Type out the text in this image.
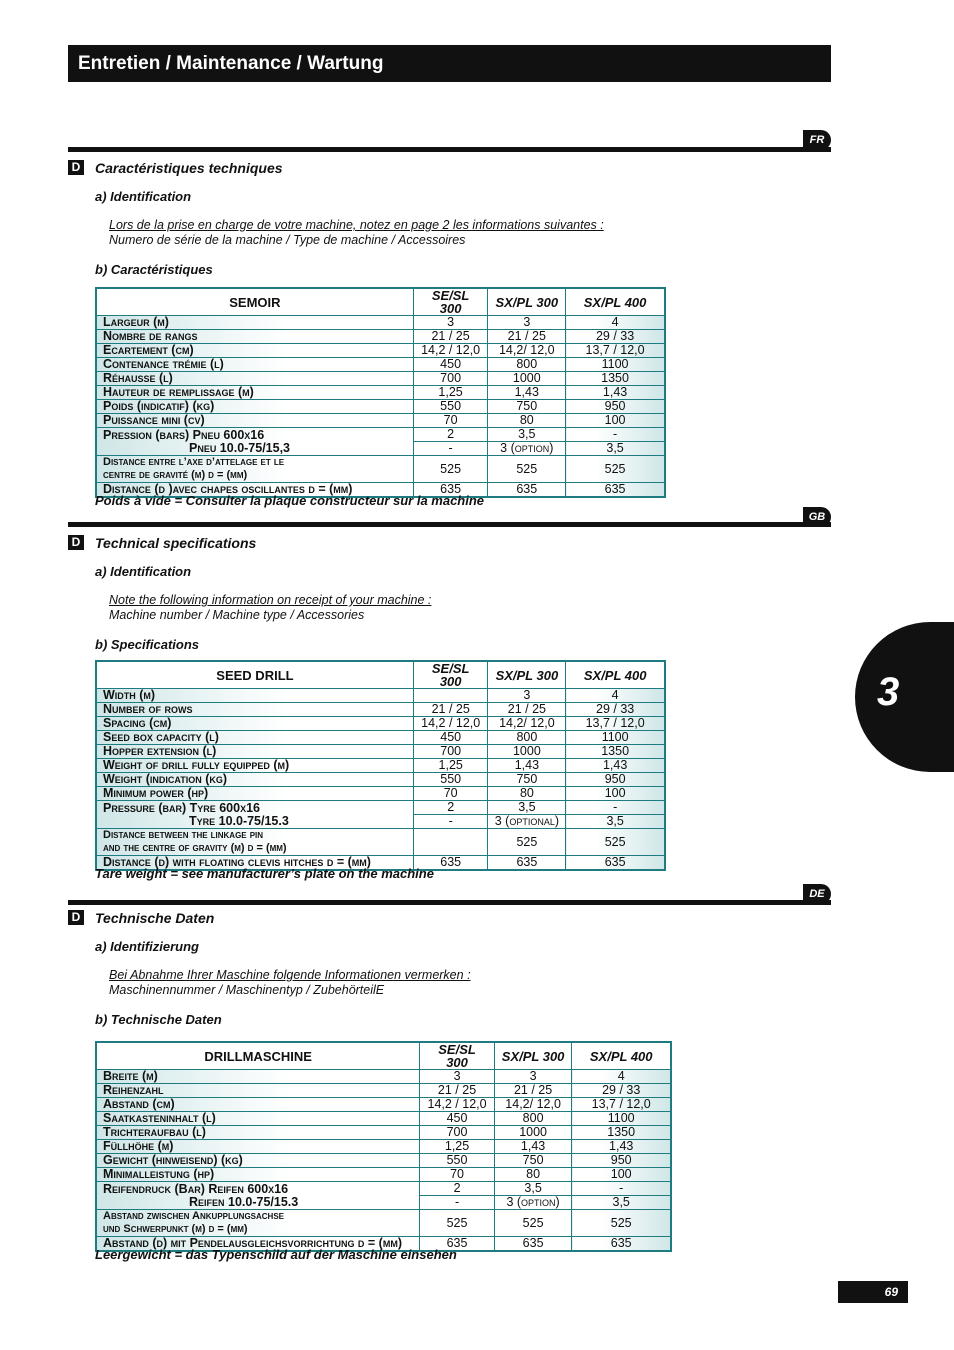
Entretien / Maintenance / Wartung
3
69
FR
D Caractéristiques techniques
a) Identification
Lors de la prise en charge de votre machine, notez en page 2 les informations suivantes :
Numero de série de la machine / Type de machine / Accessoires
b) Caractéristiques
SEMOIR	SE/SL 300	SX/PL 300	SX/PL 400
Largeur (m)	3	3	4
Nombre de rangs	21 / 25	21 / 25	29 / 33
Ecartement (cm)	14,2 / 12,0	14,2/ 12,0	13,7 / 12,0
Contenance trémie (l)	450	800	1100
Réhausse (l)	700	1000	1350
Hauteur de remplissage (m)	1,25	1,43	1,43
Poids (indicatif) (kg)	550	750	950
Puissance mini (cv)	70	80	100

Pression (bars) Pneu 600x16
Pneu 10.0-75/15,3	2	3,5	-
	-	3 (option)	3,5

Distance entre l’axe d’attelage et le
centre de gravité (m) d = (mm)	525	525	525
Distance (d )avec chapes oscillantes d = (mm)	635	635	635
Poids à vide = Consulter la plaque constructeur sur la machine
GB
D Technical specifications
a) Identification
Note the following information on receipt of your machine :
Machine number / Machine type / Accessories
b) Specifications
SEED DRILL	SE/SL 300	SX/PL 300	SX/PL 400
Width (m)		3	4
Number of rows	21 / 25	21 / 25	29 / 33
Spacing (cm)	14,2 / 12,0	14,2/ 12,0	13,7 / 12,0
Seed box capacity (l)	450	800	1100
Hopper extension (l)	700	1000	1350
Weight of drill fully equipped (m)	1,25	1,43	1,43
Weight (indication (kg)	550	750	950
Minimum power (hp)	70	80	100

Pressure (bar) Tyre 600x16
Tyre 10.0-75/15.3	2	3,5	-
	-	3 (optional)	3,5

Distance between the linkage pin
and the centre of gravity (m) d = (mm)		525	525
Distance (d) with floating clevis hitches d = (mm)	635	635	635
Tare weight = see manufacturer’s plate on the machine
DE
D Technische Daten
a) Identifizierung
Bei Abnahme Ihrer Maschine folgende Informationen vermerken :
Maschinennummer / Maschinentyp / ZubehörteilE
b) Technische Daten
DRILLMASCHINE	SE/SL 300	SX/PL 300	SX/PL 400
Breite (m)	3	3	4
Reihenzahl	21 / 25	21 / 25	29 / 33
Abstand (cm)	14,2 / 12,0	14,2/ 12,0	13,7 / 12,0
Saatkasteninhalt (l)	450	800	1100
Trichteraufbau (l)	700	1000	1350
Füllhöhe (m)	1,25	1,43	1,43
Gewicht (hinweisend) (kg)	550	750	950
Minimalleistung (hp)	70	80	100

Reifendruck (Bar) Reifen 600x16
Reifen 10.0-75/15.3	2	3,5	-
	-	3 (option)	3,5

Abstand zwischen Ankupplungsachse
und Schwerpunkt (m) d = (mm)	525	525	525
Abstand (d) mit Pendelausgleichsvorrichtung d = (mm)	635	635	635
Leergewicht = das Typenschild auf der Maschine einsehen
